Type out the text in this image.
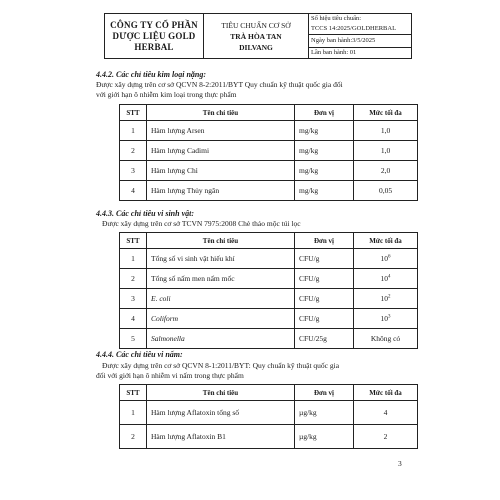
CÔNG TY CỔ PHẦN
DƯỢC LIỆU GOLD
HERBAL
TIÊU CHUẨN CƠ SỞ
TRÀ HÒA TAN
DILVANG
Số hiệu tiêu chuẩn:
TCCS 14:2025/GOLDHERBAL
Ngày ban hành:3/5/2025
Lần ban hành: 01
4.4.2. Các chỉ tiêu kim loại nặng:
Được xây dựng trên cơ sở QCVN 8-2:2011/BYT Quy chuẩn kỹ thuật quốc gia đối
với giới hạn ô nhiễm kim loại trong thực phẩm
STT	Tên chỉ tiêu	Đơn vị	Mức tối đa
1	Hàm lượng Arsen	mg/kg	1,0
2	Hàm lượng Cadimi	mg/kg	1,0
3	Hàm lượng Chì	mg/kg	2,0
4	Hàm lượng Thủy ngân	mg/kg	0,05
4.4.3. Các chỉ tiêu vi sinh vật:
Được xây dựng trên cơ sở TCVN 7975:2008 Chè thảo mộc túi lọc
STT	Tên chỉ tiêu	Đơn vị	Mức tối đa
1	Tổng số vi sinh vật hiếu khí	CFU/g	$10^6$
2	Tổng số nấm men nấm mốc	CFU/g	$10^4$
3	E. coli	CFU/g	$10^2$
4	Coliform	CFU/g	$10^3$
5	Salmonella	CFU/25g	Không có
4.4.4. Các chỉ tiêu vi nấm:
Được xây dựng trên cơ sở QCVN 8-1:2011/BYT: Quy chuẩn kỹ thuật quốc gia
đối với giới hạn ô nhiễm vi nấm trong thực phẩm
STT	Tên chỉ tiêu	Đơn vị	Mức tối đa
1	Hàm lượng Aflatoxin tổng số	µg/kg	4
2	Hàm lượng Aflatoxin B1	µg/kg	2
3
